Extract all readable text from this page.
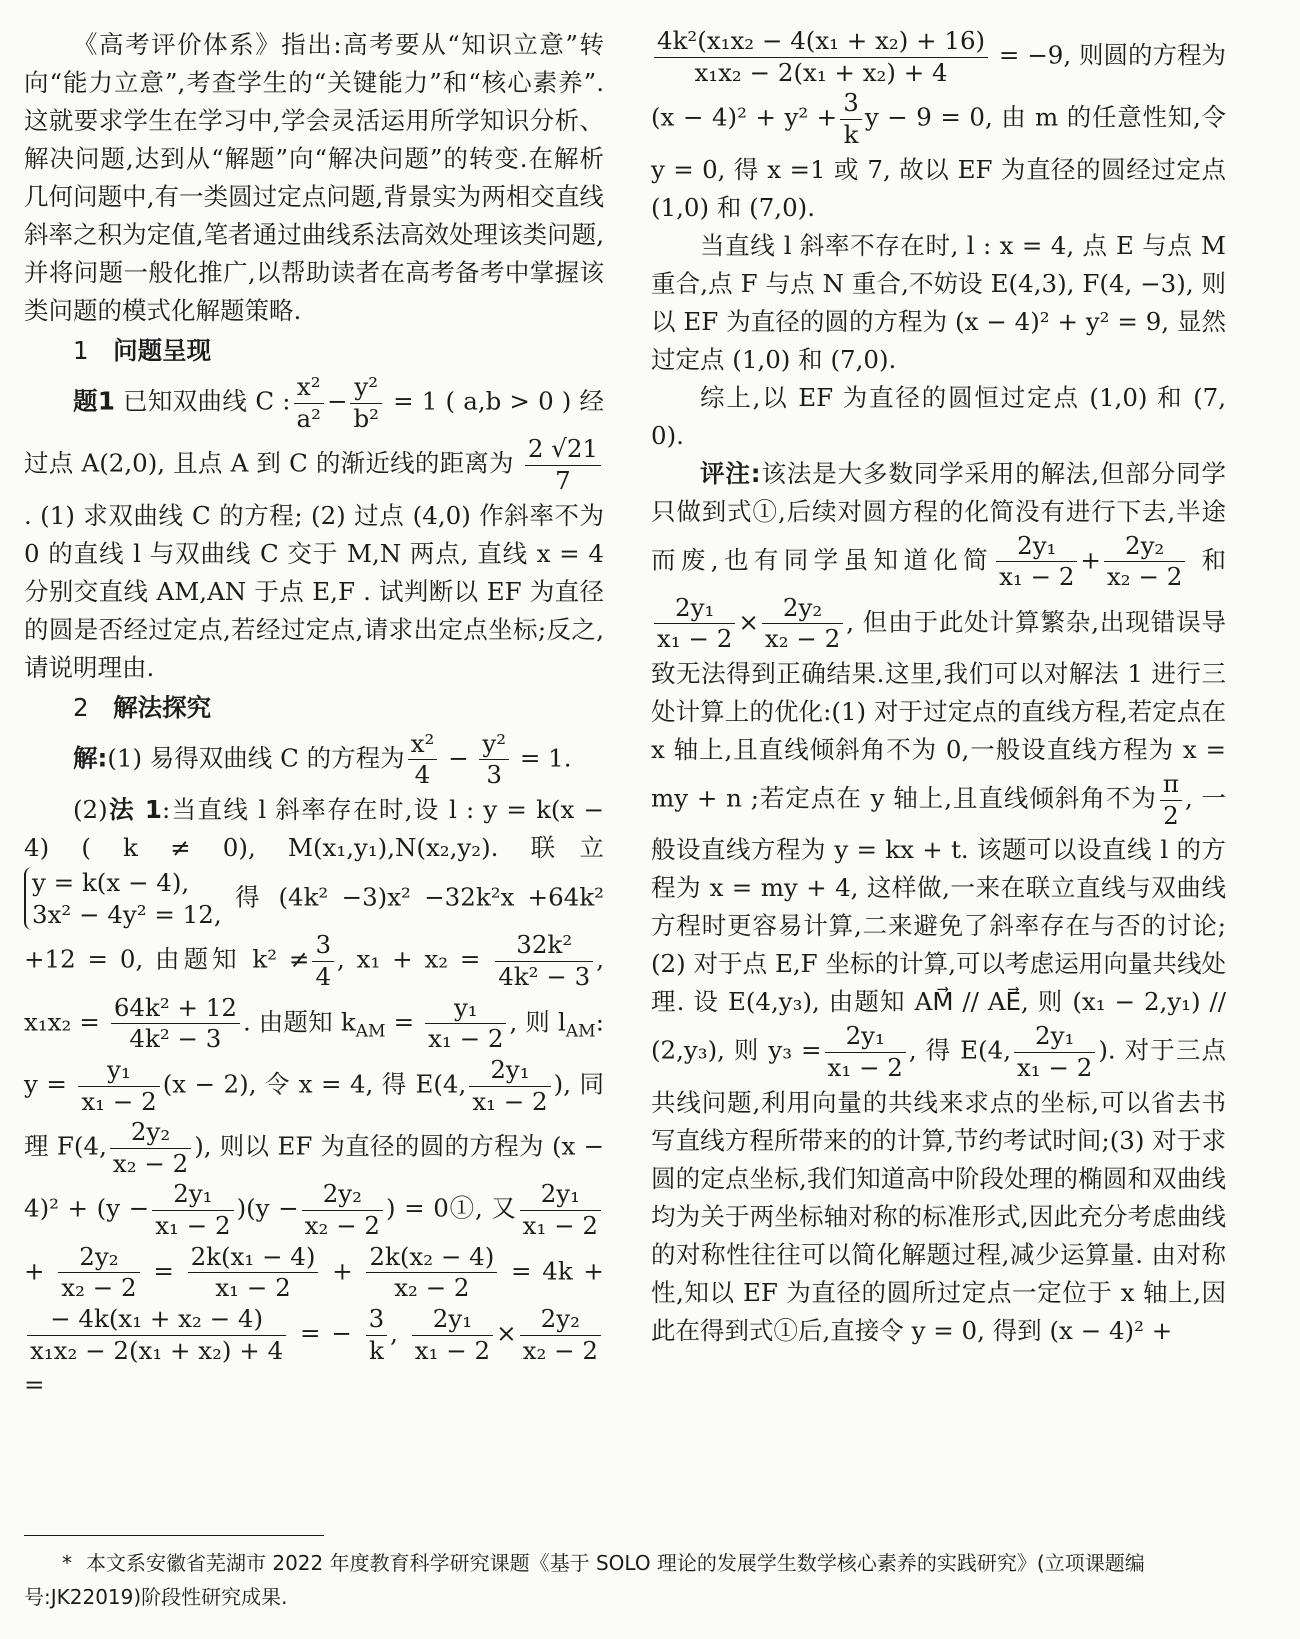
《高考评价体系》指出:高考要从“知识立意”转向“能力立意”,考查学生的“关键能力”和“核心素养”.这就要求学生在学习中,学会灵活运用所学知识分析、解决问题,达到从“解题”向“解决问题”的转变.在解析几何问题中,有一类圆过定点问题,背景实为两相交直线斜率之积为定值,笔者通过曲线系法高效处理该类问题,并将问题一般化推广,以帮助读者在高考备考中掌握该类问题的模式化解题策略.

1 问题呈现

题1 已知双曲线 C : $\frac{\text{x²}}{\text{a²}} - \frac{\text{y²}}{\text{b²}} = 1$ ( a,b > 0 ) 经过点 A(2,0), 且点 A 到 C 的渐近线的距离为 $\frac{2 √21}{7}$
. (1) 求双曲线 C 的方程; (2) 过点 (4,0) 作斜率不为 0 的直线 l 与双曲线 C 交于 M,N 两点, 直线 x = 4 分别交直线 AM,AN 于点 E,F . 试判断以 EF 为直径的圆是否经过定点,若经过定点,请求出定点坐标;反之,请说明理由.

2 解法探究

解:(1) 易得双曲线 C 的方程为 $\frac{\text{x²}}{4} - \frac{\text{y²}}{3} = 1$.

(2)法 1:当直线 l 斜率存在时,设 l : y = k(x − 4) ( k ≠ 0), M(x₁,y₁),N(x₂,y₂). 联立
y = k(x − 4),
3x² − 4y² = 12,
得 (4k² −3)x² −32k²x +64k² +12 = 0, 由题知 $k^2 \ne \frac{3}{4}$ , $x_1 + x_2 = \frac{\text{32k²}}{\text{4k² − 3}}$ , $x_1x_2 = \frac{\text{64k² + 12}}{\text{4k² − 3}}$ . 由题知 $k_{AM} = \frac{\text{y₁}}{\text{x₁ − 2}}$ , 则 $l_{AM}$: $y = \frac{\text{y₁}}{\text{x₁ − 2}} (x - 2)$, 令 x = 4, 得 E(4, $\frac{\text{2y₁}}{\text{x₁ − 2}}$ ), 同理 F(4, $\frac{\text{2y₂}}{\text{x₂ − 2}}$ ), 则以 EF 为直径的圆的方程为 $(x - 4)^2 + (y - \frac{\text{2y₁}}{\text{x₁ − 2}} )(y - \frac{\text{2y₂}}{\text{x₂ − 2}}$ ) = 0①, 又 $\frac{\text{2y₁}}{\text{x₁ − 2}}$
+ $\frac{\text{2y₂}}{\text{x₂ − 2}} = \frac{\text{2k(x₁ − 4)}}{\text{x₁ − 2}} + \frac{\text{2k(x₂ − 4)}}{\text{x₂ − 2}} = 4k$ +
$\frac{\text{− 4k(x₁ + x₂ − 4)}}{\text{x₁x₂ − 2(x₁ + x₂) + 4}}$ = − $\frac{3}{k}$ , $\frac{\text{2y₁}}{\text{x₁ − 2}} \times \frac{\text{2y₂}}{\text{x₂ − 2}}$
=

$\frac{\text{4k²(x₁x₂ − 4(x₁ + x₂) + 16)}}{\text{x₁x₂ − 2(x₁ + x₂) + 4}} = -9$, 则圆的方程为 $(x - 4)^2 + y^2 + \frac{3}{k}$ y − 9 = 0, 由 m 的任意性知,令 y = 0, 得 x =1 或 7, 故以 EF 为直径的圆经过定点 (1,0) 和 (7,0).

当直线 l 斜率不存在时, l : x = 4, 点 E 与点 M 重合,点 F 与点 N 重合,不妨设 E(4,3), F(4, −3), 则以 EF 为直径的圆的方程为 (x − 4)² + y² = 9, 显然过定点 (1,0) 和 (7,0).

综上,以 EF 为直径的圆恒过定点 (1,0) 和 (7, 0).

评注:该法是大多数同学采用的解法,但部分同学只做到式①,后续对圆方程的化简没有进行下去,半途而废,也有同学虽知道化简 $\frac{\text{2y₁}}{\text{x₁ − 2}} + \frac{\text{2y₂}}{\text{x₂ − 2}}$ 和
$\frac{\text{2y₁}}{\text{x₁ − 2}} \times \frac{\text{2y₂}}{\text{x₂ − 2}}$ , 但由于此处计算繁杂,出现错误导致无法得到正确结果.这里,我们可以对解法 1 进行三处计算上的优化:(1) 对于过定点的直线方程,若定点在 x 轴上,且直线倾斜角不为 0,一般设直线方程为 x = my + n ;若定点在 y 轴上,且直线倾斜角不为 $\frac{\pi}{2}$ , 一般设直线方程为 y = kx + t. 该题可以设直线 l 的方程为 x = my + 4, 这样做,一来在联立直线与双曲线方程时更容易计算,二来避免了斜率存在与否的讨论;(2) 对于点 E,F 坐标的计算,可以考虑运用向量共线处理. 设 E(4,y₃), 由题知 AM⃗ // AE⃗, 则 (x₁ − 2,y₁) // (2,y₃), 则 $y_3 = \frac{\text{2y₁}}{\text{x₁ − 2}}$ , 得 E(4, $\frac{\text{2y₁}}{\text{x₁ − 2}}$ ). 对于三点共线问题,利用向量的共线来求点的坐标,可以省去书写直线方程所带来的的计算,节约考试时间;(3) 对于求圆的定点坐标,我们知道高中阶段处理的椭圆和双曲线均为关于两坐标轴对称的标准形式,因此充分考虑曲线的对称性往往可以简化解题过程,减少运算量. 由对称性,知以 EF 为直径的圆所过定点一定位于 x 轴上,因此在得到式①后,直接令 y = 0, 得到 (x − 4)² +

* 本文系安徽省芜湖市 2022 年度教育科学研究课题《基于 SOLO 理论的发展学生数学核心素养的实践研究》(立项课题编号:JK22019)阶段性研究成果.
